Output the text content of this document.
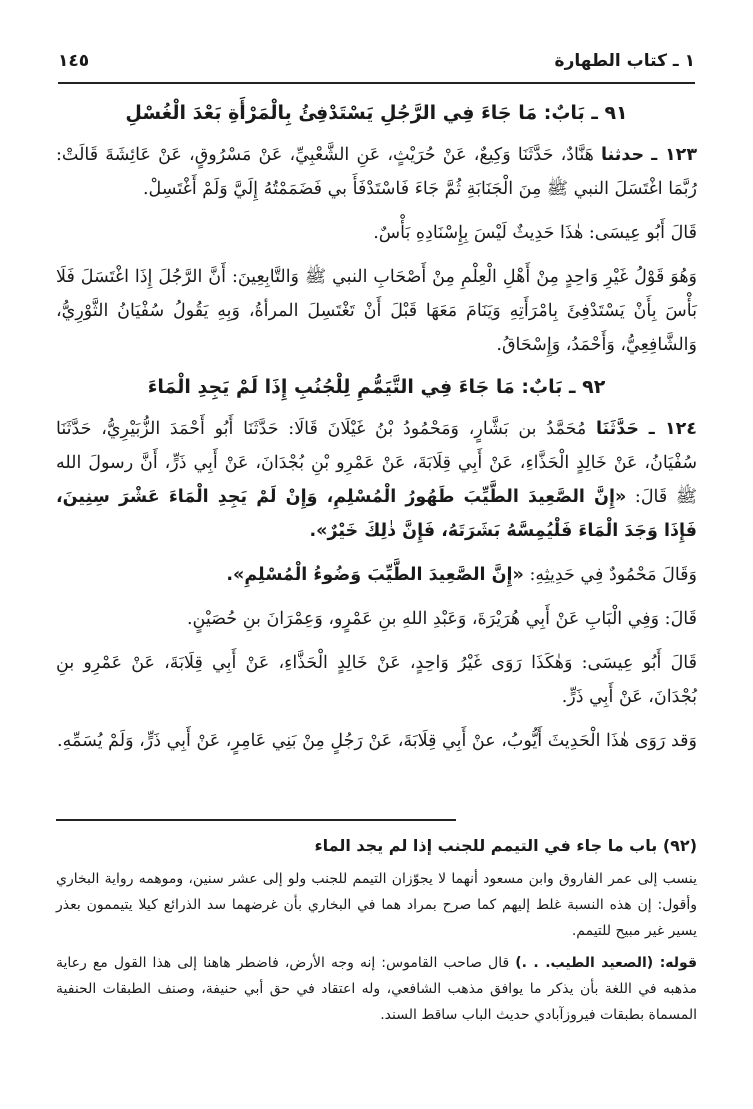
١ ـ كتاب الطهارة
١٤٥
٩١ ـ بَابٌ: مَا جَاءَ فِي الرَّجُلِ يَسْتَدْفِئُ بِالْمَرْأَةِ بَعْدَ الْغُسْلِ

١٢٣ ـ حدثنا هَنَّادٌ، حَدَّثَنَا وَكِيعٌ، عَنْ حُرَيْثٍ، عَنِ الشَّعْبِيِّ، عَنْ مَسْرُوقٍ، عَنْ عَائِشَةَ قَالَتْ: رُبَّمَا اغْتَسَلَ النبي ﷺ مِنَ الْجَنَابَةِ ثُمَّ جَاءَ فَاسْتَدْفَأَ بي فَضَمَمْتُهُ إِلَيَّ وَلَمْ أَغْتَسِلْ.

قَالَ أَبُو عِيسَى: هٰذَا حَدِيثٌ لَيْسَ بِإِسْنَادِهِ بَأْسٌ.

وَهُوَ قَوْلُ غَيْرِ وَاحِدٍ مِنْ أَهْلِ الْعِلْمِ مِنْ أَصْحَابِ النبي ﷺ وَالتَّابِعِينَ: أَنَّ الرَّجُلَ إِذَا اغْتَسَلَ فَلَا بَأْسَ بِأَنْ يَسْتَدْفِئَ بِامْرَأَتِهِ وَيَنَامَ مَعَهَا قَبْلَ أَنْ تَغْتَسِلَ المرأةُ، وَبِهِ يَقُولُ سُفْيَانُ الثَّوْرِيُّ، وَالشَّافِعِيُّ، وَأَحْمَدُ، وَإِسْحَاقُ.

٩٢ ـ بَابٌ: مَا جَاءَ فِي التَّيَمُّمِ لِلْجُنُبِ إِذَا لَمْ يَجِدِ الْمَاءَ

١٢٤ ـ حَدَّثَنَا مُحَمَّدُ بن بَشَّارٍ، وَمَحْمُودُ بْنُ غَيْلَانَ قَالَا: حَدَّثَنَا أَبُو أَحْمَدَ الزُّبَيْرِيُّ، حَدَّثَنَا سُفْيَانُ، عَنْ خَالِدٍ الْحَذَّاءِ، عَنْ أَبِي قِلَابَةَ، عَنْ عَمْرِو بْنِ بُجْدَانَ، عَنْ أَبِي ذَرٍّ، أَنَّ رسولَ الله ﷺ قَالَ: «إِنَّ الصَّعِيدَ الطَّيِّبَ طَهُورُ الْمُسْلِمِ، وَإِنْ لَمْ يَجِدِ الْمَاءَ عَشْرَ سِنِينَ، فَإِذَا وَجَدَ الْمَاءَ فَلْيُمِسَّهُ بَشَرَتَهُ، فَإِنَّ ذٰلِكَ خَيْرٌ».

وَقَالَ مَحْمُودٌ فِي حَدِيثِهِ: «إِنَّ الصَّعِيدَ الطَّيِّبَ وَضُوءُ الْمُسْلِمِ».

قَالَ: وَفِي الْبَابِ عَنْ أَبِي هُرَيْرَةَ، وَعَبْدِ اللهِ بنِ عَمْرٍو، وَعِمْرَانَ بنِ حُصَيْنٍ.

قَالَ أَبُو عِيسَى: وَهٰكَذَا رَوَى غَيْرُ وَاحِدٍ، عَنْ خَالِدٍ الْحَذَّاءِ، عَنْ أَبِي قِلَابَةَ، عَنْ عَمْرِو بنِ بُجْدَانَ، عَنْ أَبِي ذَرٍّ.

وَقد رَوَى هٰذَا الْحَدِيثَ أَيُّوبُ، عنْ أَبِي قِلَابَةَ، عَنْ رَجُلٍ مِنْ بَنِي عَامِرٍ، عَنْ أَبِي ذَرٍّ، وَلَمْ يُسَمِّهِ.

(٩٢) باب ما جاء في التيمم للجنب إذا لم يجد الماء

ينسب إلى عمر الفاروق وابن مسعود أنهما لا يجوّزان التيمم للجنب ولو إلى عشر سنين، وموهمه رواية البخاري وأقول: إن هذه النسبة غلط إليهم كما صرح بمراد هما في البخاري بأن غرضهما سد الذرائع كيلا يتيممون بعذر يسير غير مبيح للتيمم.

قوله: (الصعيد الطيب. . .) قال صاحب القاموس: إنه وجه الأرض، فاضطر هاهنا إلى هذا القول مع رعاية مذهبه في اللغة بأن يذكر ما يوافق مذهب الشافعي، وله اعتقاد في حق أبي حنيفة، وصنف الطبقات الحنفية المسماة بطبقات فيروزآبادي حديث الباب ساقط السند.
